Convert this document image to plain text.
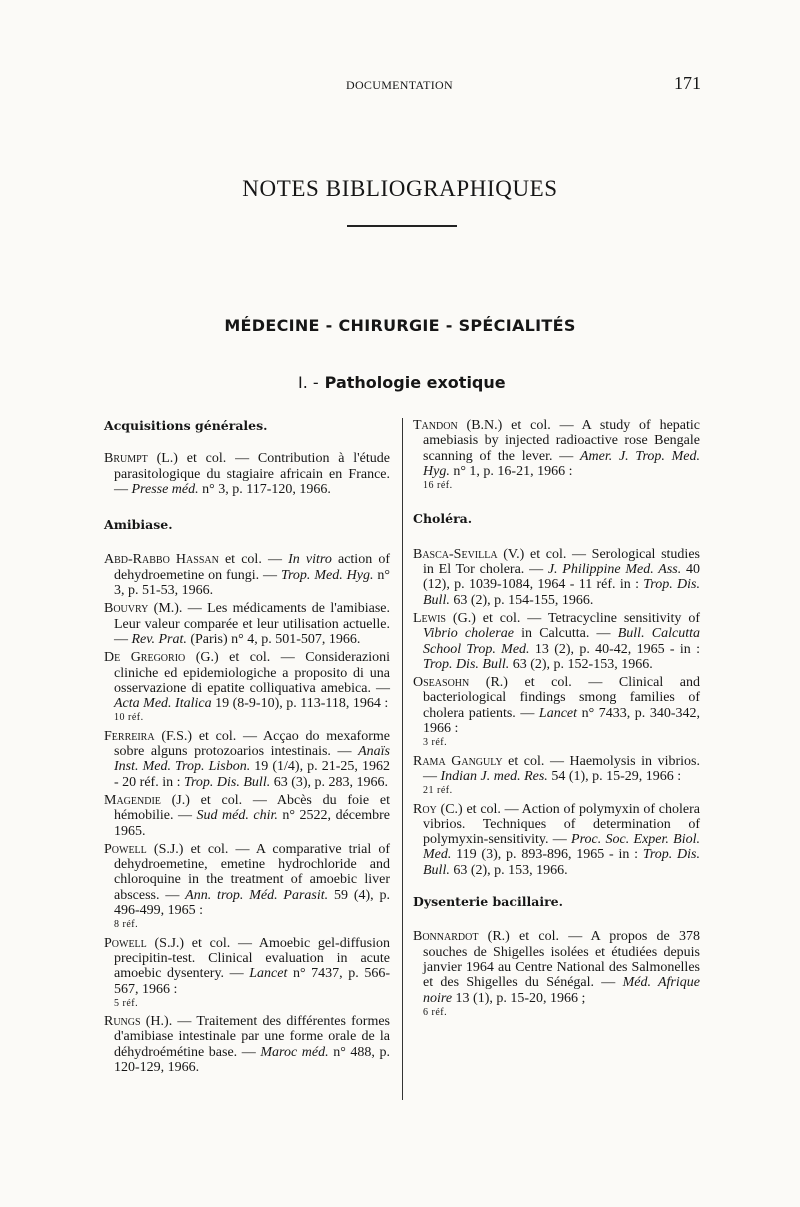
DOCUMENTATION	171
NOTES BIBLIOGRAPHIQUES
MÉDECINE - CHIRURGIE - SPÉCIALITÉS
I. - Pathologie exotique

Acquisitions générales.

Brumpt (L.) et col. — Contribution à l'étude parasitologique du stagiaire africain en France. — Presse méd. n° 3, p. 117-120, 1966.

Amibiase.

Abd-Rabbo Hassan et col. — In vitro action of dehydroemetine on fungi. — Trop. Med. Hyg. n° 3, p. 51-53, 1966.

Bouvry (M.). — Les médicaments de l'amibiase. Leur valeur comparée et leur utilisation actuelle. — Rev. Prat. (Paris) n° 4, p. 501-507, 1966.

De Gregorio (G.) et col. — Considerazioni cliniche ed epidemiologiche a proposito di una osservazione di epatite colliquativa amebica. — Acta Med. Italica 19 (8-9-10), p. 113-118, 1964 :
10 réf.

Ferreira (F.S.) et col. — Acçao do mexaforme sobre alguns protozoarios intestinais. — Anaïs Inst. Med. Trop. Lisbon. 19 (1/4), p. 21-25, 1962 - 20 réf. in : Trop. Dis. Bull. 63 (3), p. 283, 1966.

Magendie (J.) et col. — Abcès du foie et hémobilie. — Sud méd. chir. n° 2522, décembre 1965.

Powell (S.J.) et col. — A comparative trial of dehydroemetine, emetine hydrochloride and chloroquine in the treatment of amoebic liver abscess. — Ann. trop. Méd. Parasit. 59 (4), p. 496-499, 1965 :
8 réf.

Powell (S.J.) et col. — Amoebic gel-diffusion precipitin-test. Clinical evaluation in acute amoebic dysentery. — Lancet n° 7437, p. 566-567, 1966 :
5 réf.

Rungs (H.). — Traitement des différentes formes d'amibiase intestinale par une forme orale de la déhydroémétine base. — Maroc méd. n° 488, p. 120-129, 1966.

Tandon (B.N.) et col. — A study of hepatic amebiasis by injected radioactive rose Bengale scanning of the lever. — Amer. J. Trop. Med. Hyg. n° 1, p. 16-21, 1966 :
16 réf.

Choléra.

Basca-Sevilla (V.) et col. — Serological studies in El Tor cholera. — J. Philippine Med. Ass. 40 (12), p. 1039-1084, 1964 - 11 réf. in : Trop. Dis. Bull. 63 (2), p. 154-155, 1966.

Lewis (G.) et col. — Tetracycline sensitivity of Vibrio cholerae in Calcutta. — Bull. Calcutta School Trop. Med. 13 (2), p. 40-42, 1965 - in : Trop. Dis. Bull. 63 (2), p. 152-153, 1966.

Oseasohn (R.) et col. — Clinical and bacteriological findings smong families of cholera patients. — Lancet n° 7433, p. 340-342, 1966 :
3 réf.

Rama Ganguly et col. — Haemolysis in vibrios. — Indian J. med. Res. 54 (1), p. 15-29, 1966 :
21 réf.

Roy (C.) et col. — Action of polymyxin of cholera vibrios. Techniques of determination of polymyxin-sensitivity. — Proc. Soc. Exper. Biol. Med. 119 (3), p. 893-896, 1965 - in : Trop. Dis. Bull. 63 (2), p. 153, 1966.

Dysenterie bacillaire.

Bonnardot (R.) et col. — A propos de 378 souches de Shigelles isolées et étudiées depuis janvier 1964 au Centre National des Salmonelles et des Shigelles du Sénégal. — Méd. Afrique noire 13 (1), p. 15-20, 1966 ;
6 réf.
